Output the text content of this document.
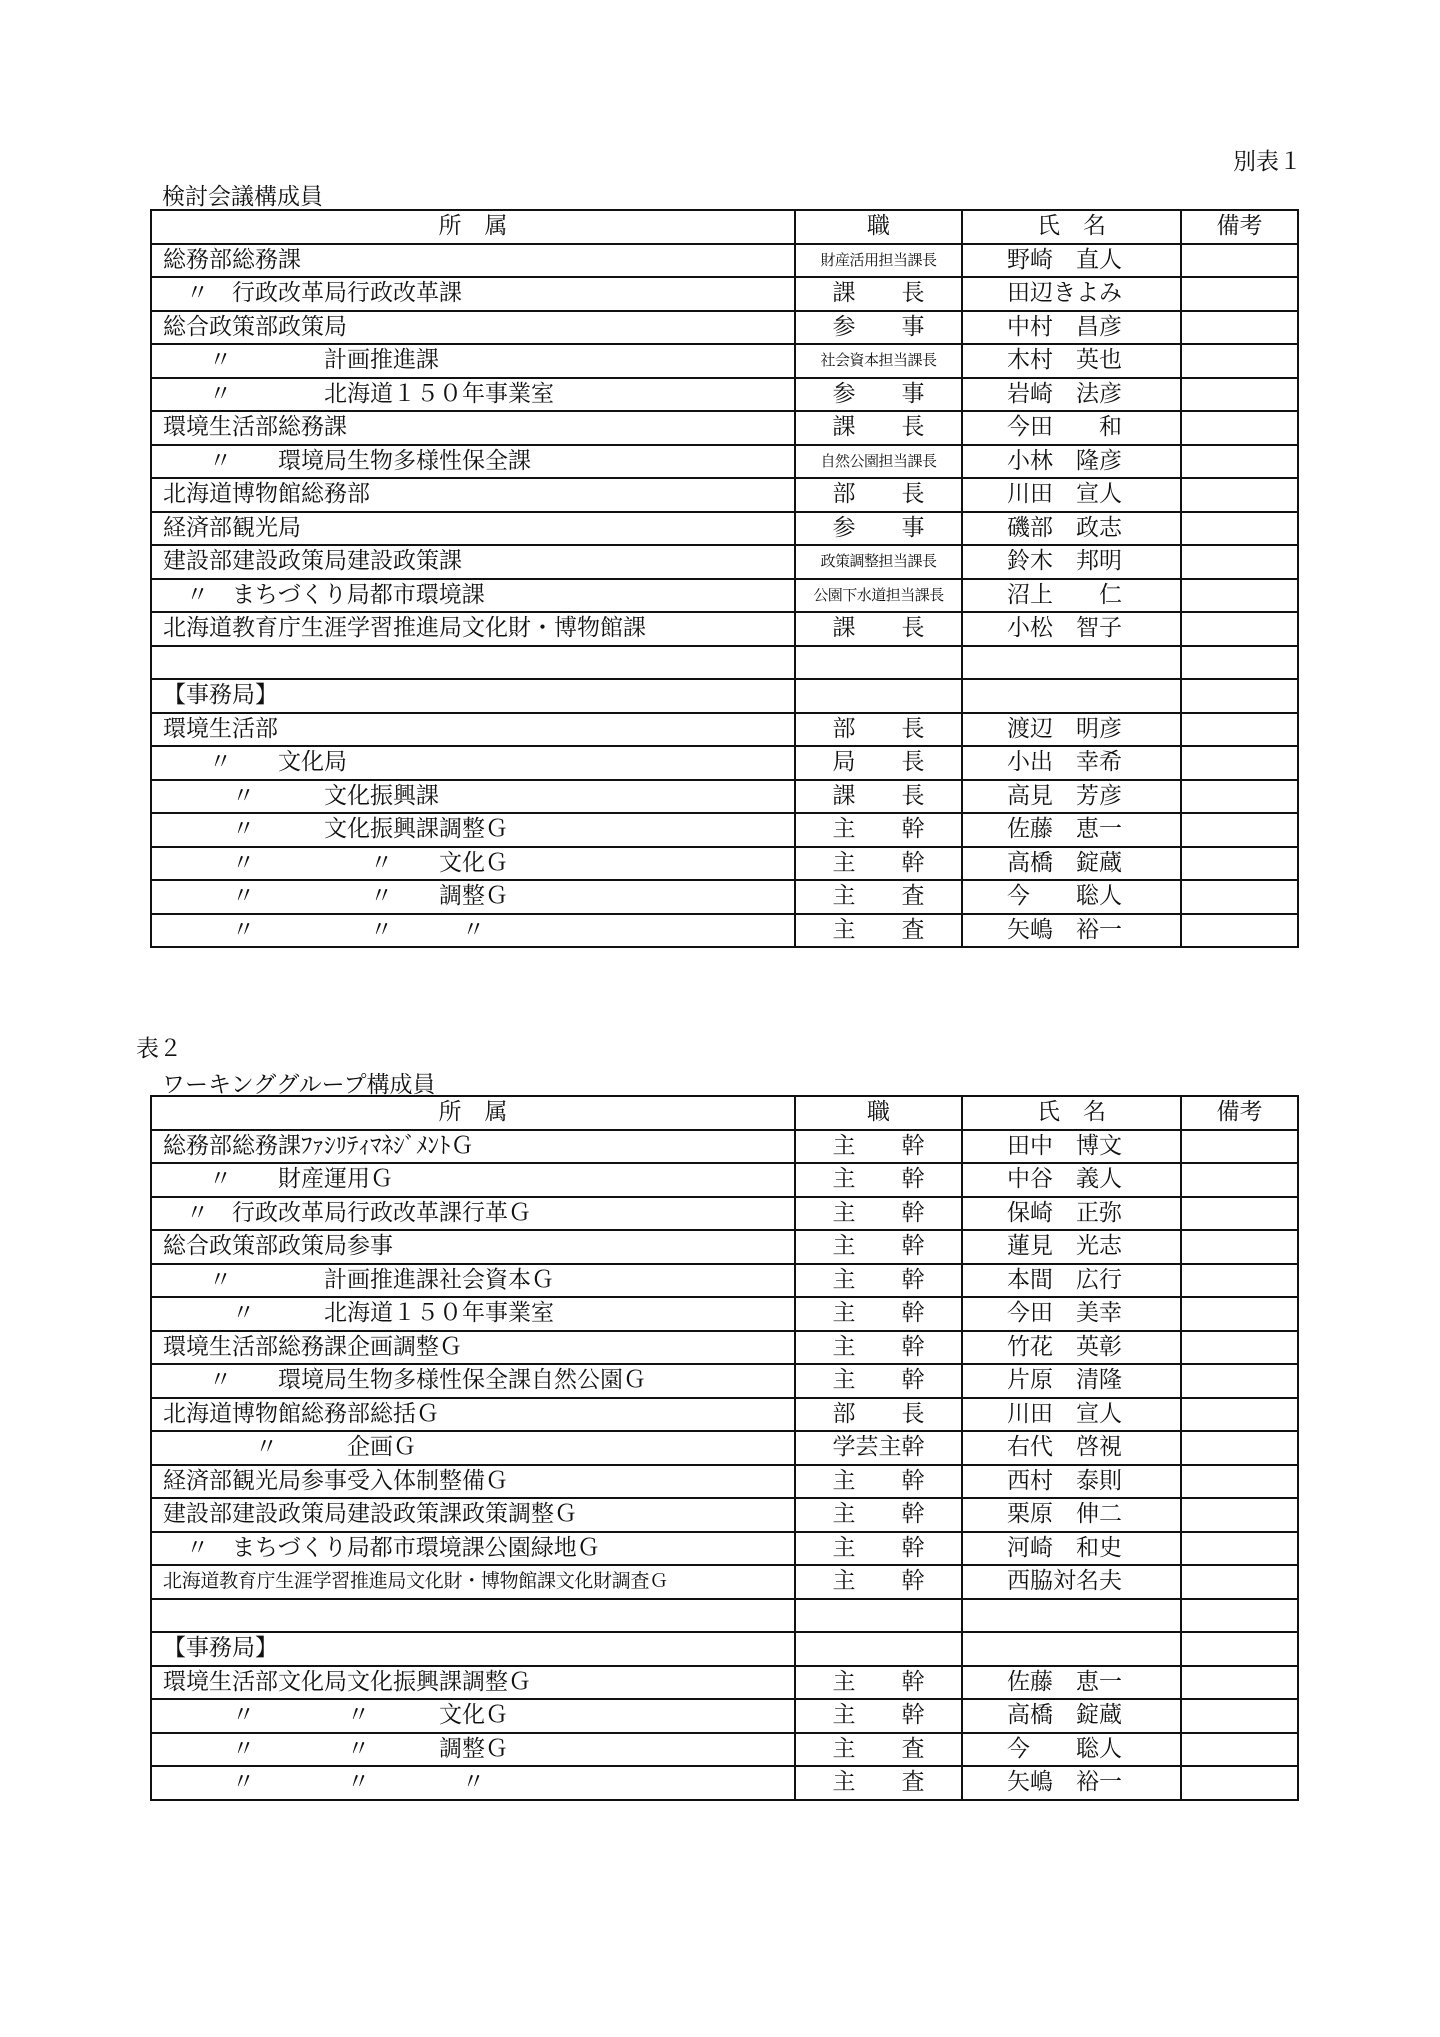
別表１
検討会議構成員
所　属	職	氏　名	備考
総務部総務課	財産活用担当課長	野崎　直人	
　〃　行政改革局行政改革課	課　　長	田辺きよみ	
総合政策部政策局	参　　事	中村　昌彦	
　　〃　　　　計画推進課	社会資本担当課長	木村　英也	
　　〃　　　　北海道１５０年事業室	参　　事	岩崎　法彦	
環境生活部総務課	課　　長	今田　　和	
　　〃　　環境局生物多様性保全課	自然公園担当課長	小林　隆彦	
北海道博物館総務部	部　　長	川田　宣人	
経済部観光局	参　　事	磯部　政志	
建設部建設政策局建設政策課	政策調整担当課長	鈴木　邦明	
　〃　まちづくり局都市環境課	公園下水道担当課長	沼上　　仁	
北海道教育庁生涯学習推進局文化財・博物館課	課　　長	小松　智子	

【事務局】			
環境生活部	部　　長	渡辺　明彦	
　　〃　　文化局	局　　長	小出　幸希	
　　　〃　　　文化振興課	課　　長	高見　芳彦	
　　　〃　　　文化振興課調整Ｇ	主　　幹	佐藤　恵一	
　　　〃　　　　　〃　　文化Ｇ	主　　幹	高橋　錠蔵	
　　　〃　　　　　〃　　調整Ｇ	主　　査	今　　聡人	
　　　〃　　　　　〃　　　〃	主　　査	矢嶋　裕一	
表２
ワーキンググループ構成員
所　属	職	氏　名	備考
総務部総務課ﾌｧｼﾘﾃｨﾏﾈｼﾞﾒﾝﾄＧ	主　　幹	田中　博文	
　　〃　　財産運用Ｇ	主　　幹	中谷　義人	
　〃　行政改革局行政改革課行革Ｇ	主　　幹	保崎　正弥	
総合政策部政策局参事	主　　幹	蓮見　光志	
　　〃　　　　計画推進課社会資本Ｇ	主　　幹	本間　広行	
　　　〃　　　北海道１５０年事業室	主　　幹	今田　美幸	
環境生活部総務課企画調整Ｇ	主　　幹	竹花　英彰	
　　〃　　環境局生物多様性保全課自然公園Ｇ	主　　幹	片原　清隆	
北海道博物館総務部総括Ｇ	部　　長	川田　宣人	
　　　　〃　　　企画Ｇ	学芸主幹	右代　啓視	
経済部観光局参事受入体制整備Ｇ	主　　幹	西村　泰則	
建設部建設政策局建設政策課政策調整Ｇ	主　　幹	栗原　伸二	
　〃　まちづくり局都市環境課公園緑地Ｇ	主　　幹	河崎　和史	
北海道教育庁生涯学習推進局文化財・博物館課文化財調査Ｇ	主　　幹	西脇対名夫	

【事務局】			
環境生活部文化局文化振興課調整Ｇ	主　　幹	佐藤　恵一	
　　　〃　　　　〃　　　文化Ｇ	主　　幹	高橋　錠蔵	
　　　〃　　　　〃　　　調整Ｇ	主　　査	今　　聡人	
　　　〃　　　　〃　　　　〃	主　　査	矢嶋　裕一	
